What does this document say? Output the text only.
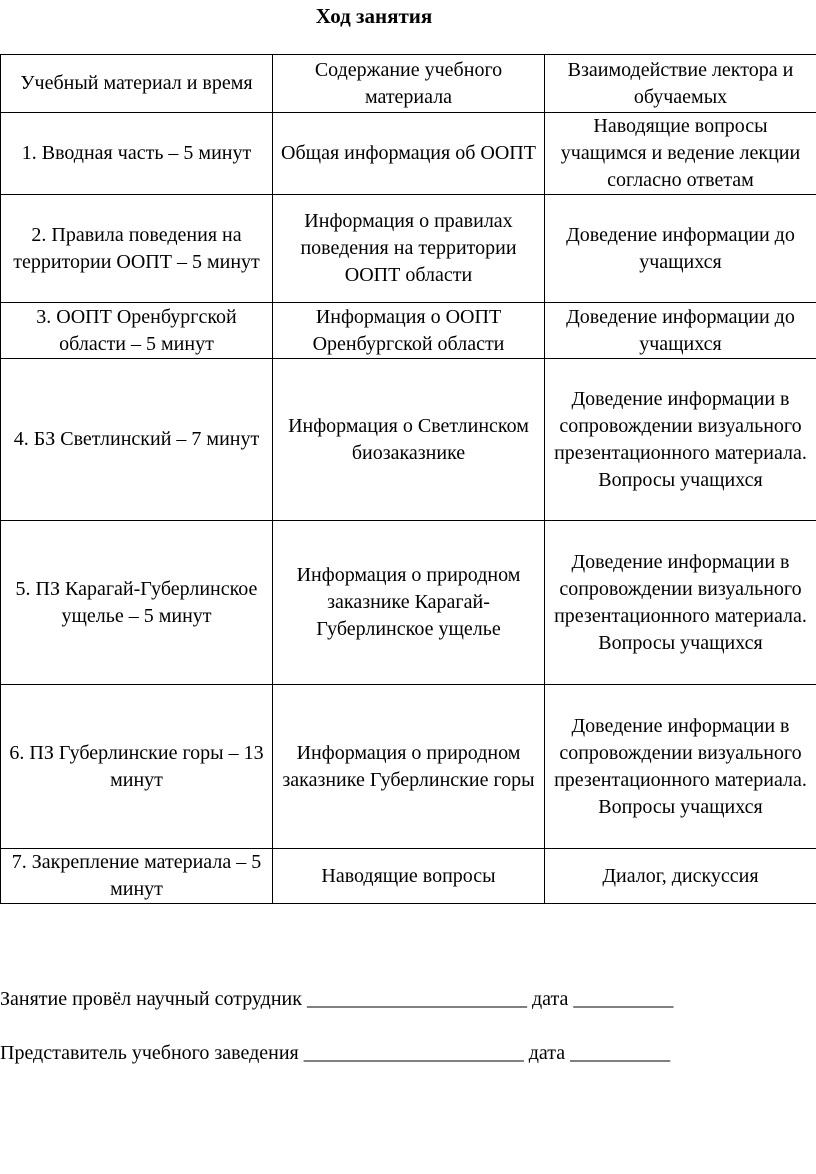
Ход занятия
Учебный материал и время	Содержание учебного материала	Взаимодействие лектора и обучаемых
1. Вводная часть – 5 минут	Общая информация об ООПТ	Наводящие вопросы учащимся и ведение лекции согласно ответам
2. Правила поведения на территории ООПТ – 5 минут	Информация о правилах поведения на территории ООПТ области	Доведение информации до учащихся
3. ООПТ Оренбургской области – 5 минут	Информация о ООПТ Оренбургской области	Доведение информации до учащихся
4. БЗ Светлинский – 7 минут	Информация о Светлинском биозаказнике	Доведение информации в сопровождении визуального презентационного материала. Вопросы учащихся
5. ПЗ Карагай-Губерлинское ущелье – 5 минут	Информация о природном заказнике Карагай-Губерлинское ущелье	Доведение информации в сопровождении визуального презентационного материала. Вопросы учащихся
6. ПЗ Губерлинские горы – 13 минут	Информация о природном заказнике Губерлинские горы	Доведение информации в сопровождении визуального презентационного материала. Вопросы учащихся
7. Закрепление материала – 5 минут	Наводящие вопросы	Диалог, дискуссия
Занятие провёл научный сотрудник ______________________ дата __________
Представитель учебного заведения ______________________ дата __________
